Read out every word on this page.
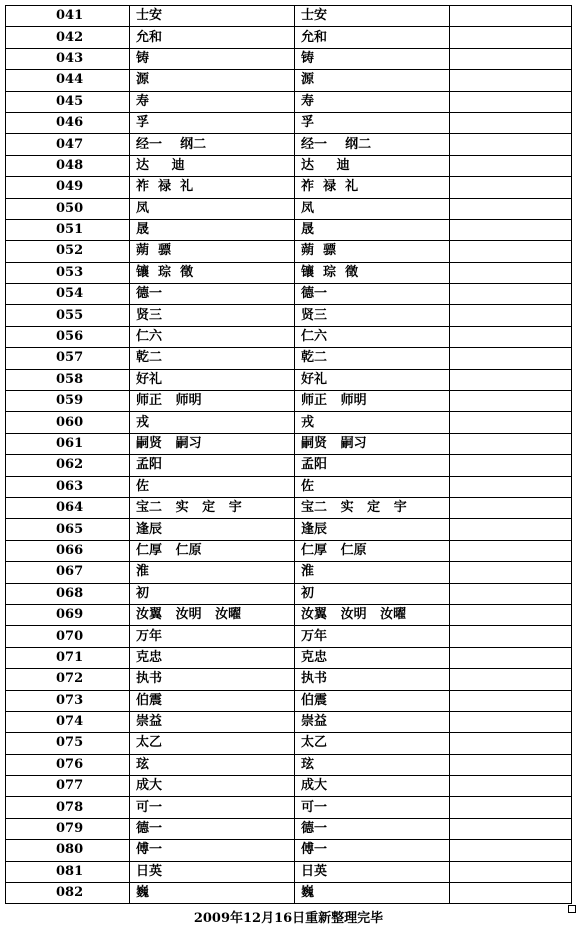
041	士安	士安	
042	允和	允和	
043	铸	铸	
044	源	源	
045	寿	寿	
046	孚	孚	
047	经一    纲二	经一    纲二	
048	达     迪	达     迪	
049	祚  禄  礼	祚  禄  礼	
050	凤	凤	
051	晟	晟	
052	蒴  骠	蒴  骠	
053	镶  琮  徵	镶  琮  徵	
054	德一	德一	
055	贤三	贤三	
056	仁六	仁六	
057	乾二	乾二	
058	好礼	好礼	
059	师正   师明	师正   师明	
060	戎	戎	
061	嗣贤   嗣习	嗣贤   嗣习	
062	孟阳	孟阳	
063	佐	佐	
064	宝二   实   定   宇	宝二   实   定   宇	
065	逢辰	逢辰	
066	仁厚   仁原	仁厚   仁原	
067	淮	淮	
068	初	初	
069	汝翼   汝明   汝曜	汝翼   汝明   汝曜	
070	万年	万年	
071	克忠	克忠	
072	执书	执书	
073	伯震	伯震	
074	崇益	崇益	
075	太乙	太乙	
076	玹	玹	
077	成大	成大	
078	可一	可一	
079	德一	德一	
080	傅一	傅一	
081	日英	日英	
082	巍	巍	
2009年12月16日重新整理完毕
